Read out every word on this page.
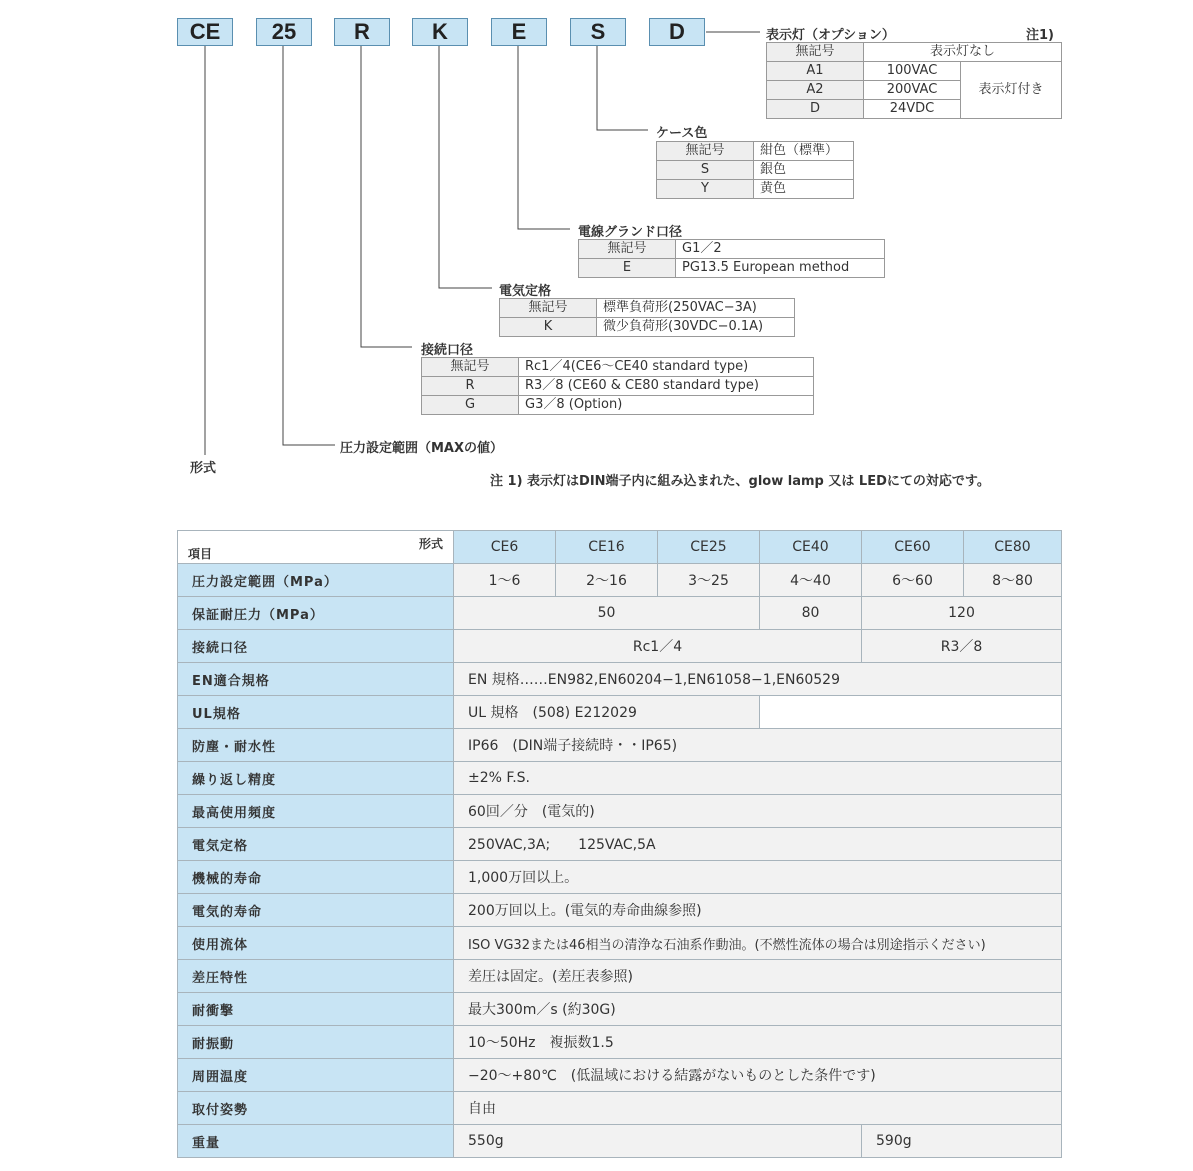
CE	25	R	K	E	S	D	表示灯（オプション）	注1)
無記号	表示灯なし	
A1	100VAC	表示灯付き
A2	200VAC	
D	24VDC	
ケース色
無記号	紺色（標準）
S	銀色
Y	黄色
電線グランド口径
無記号	G1／2
E	PG13.5 European method
電気定格
無記号	標準負荷形(250VAC−3A)
K	微少負荷形(30VDC−0.1A)
接続口径
無記号	Rc1／4(CE6〜CE40 standard type)
R	R3／8 (CE60 & CE80 standard type)
G	G3／8 (Option)
圧力設定範囲（MAXの値）
形式
注 1) 表示灯はDIN端子内に組み込まれた、glow lamp 又は LEDにての対応です。
項目
形式	CE6	CE16	CE25	CE40	CE60	CE80
圧力設定範囲（MPa）	1〜6	2〜16	3〜25	4〜40	6〜60	8〜80
保証耐圧力（MPa）	50			80	120	
接続口径	Rc1／4				R3／8	
EN適合規格	EN 規格……EN982,EN60204−1,EN61058−1,EN60529					
UL規格	UL 規格　(508) E212029					
防塵・耐水性	IP66　(DIN端子接続時・・IP65)					
繰り返し精度	±2% F.S.					
最高使用頻度	60回／分　(電気的)					
電気定格	250VAC,3A;　　125VAC,5A					
機械的寿命	1,000万回以上。					
電気的寿命	200万回以上。(電気的寿命曲線参照)					
使用流体	ISO VG32または46相当の清浄な石油系作動油。(不燃性流体の場合は別途指示ください)					
差圧特性	差圧は固定。(差圧表参照)					
耐衝撃	最大300m／s (約30G)					
耐振動	10〜50Hz　複振数1.5					
周囲温度	−20〜+80℃　(低温域における結露がないものとした条件です)					
取付姿勢	自由					
重量	550g				590g	
